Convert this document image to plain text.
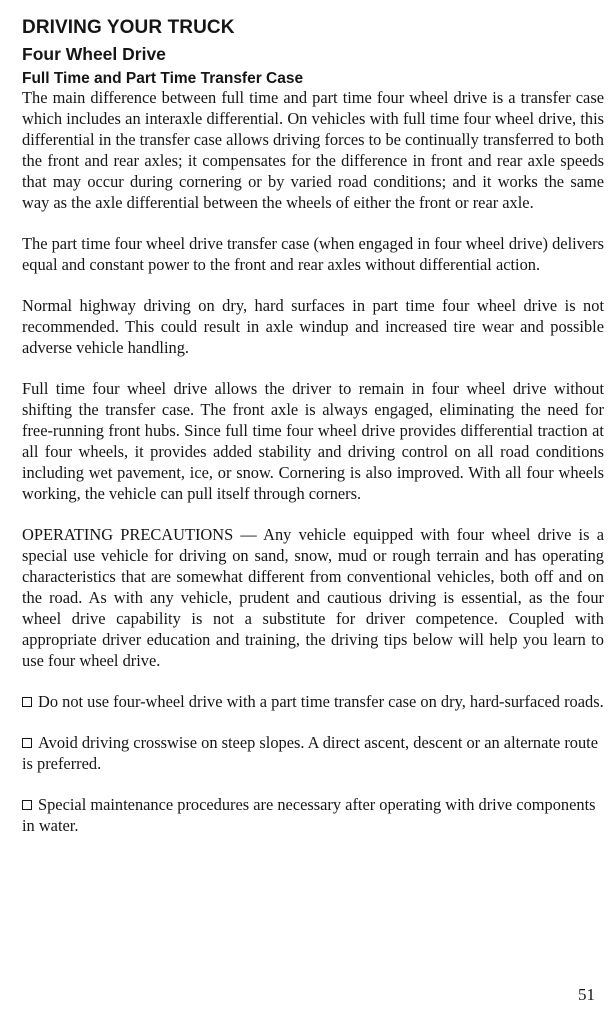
DRIVING YOUR TRUCK
Four Wheel Drive
Full Time and Part Time Transfer Case

The main difference between full time and part time four wheel drive is a transfer case which includes an interaxle differential. On vehicles with full time four wheel drive, this differential in the transfer case allows driving forces to be continually transferred to both the front and rear axles; it compensates for the difference in front and rear axle speeds that may occur during cornering or by varied road conditions; and it works the same way as the axle differential between the wheels of either the front or rear axle.

The part time four wheel drive transfer case (when engaged in four wheel drive) delivers equal and constant power to the front and rear axles without differential action.

Normal highway driving on dry, hard surfaces in part time four wheel drive is not recommended. This could result in axle windup and increased tire wear and possible adverse vehicle handling.

Full time four wheel drive allows the driver to remain in four wheel drive without shifting the transfer case. The front axle is always engaged, eliminating the need for free-running front hubs. Since full time four wheel drive provides differential traction at all four wheels, it provides added stability and driving control on all road conditions including wet pavement, ice, or snow. Cornering is also improved. With all four wheels working, the vehicle can pull itself through corners.

OPERATING PRECAUTIONS — Any vehicle equipped with four wheel drive is a special use vehicle for driving on sand, snow, mud or rough terrain and has operating characteristics that are somewhat different from conventional vehicles, both off and on the road. As with any vehicle, prudent and cautious driving is essential, as the four wheel drive capability is not a substitute for driver competence. Coupled with appropriate driver education and training, the driving tips below will help you learn to use four wheel drive.

Do not use four-wheel drive with a part time transfer case on dry, hard-surfaced roads.
Avoid driving crosswise on steep slopes. A direct ascent, descent or an alternate route is preferred.
Special maintenance procedures are necessary after operating with drive components in water.
51
